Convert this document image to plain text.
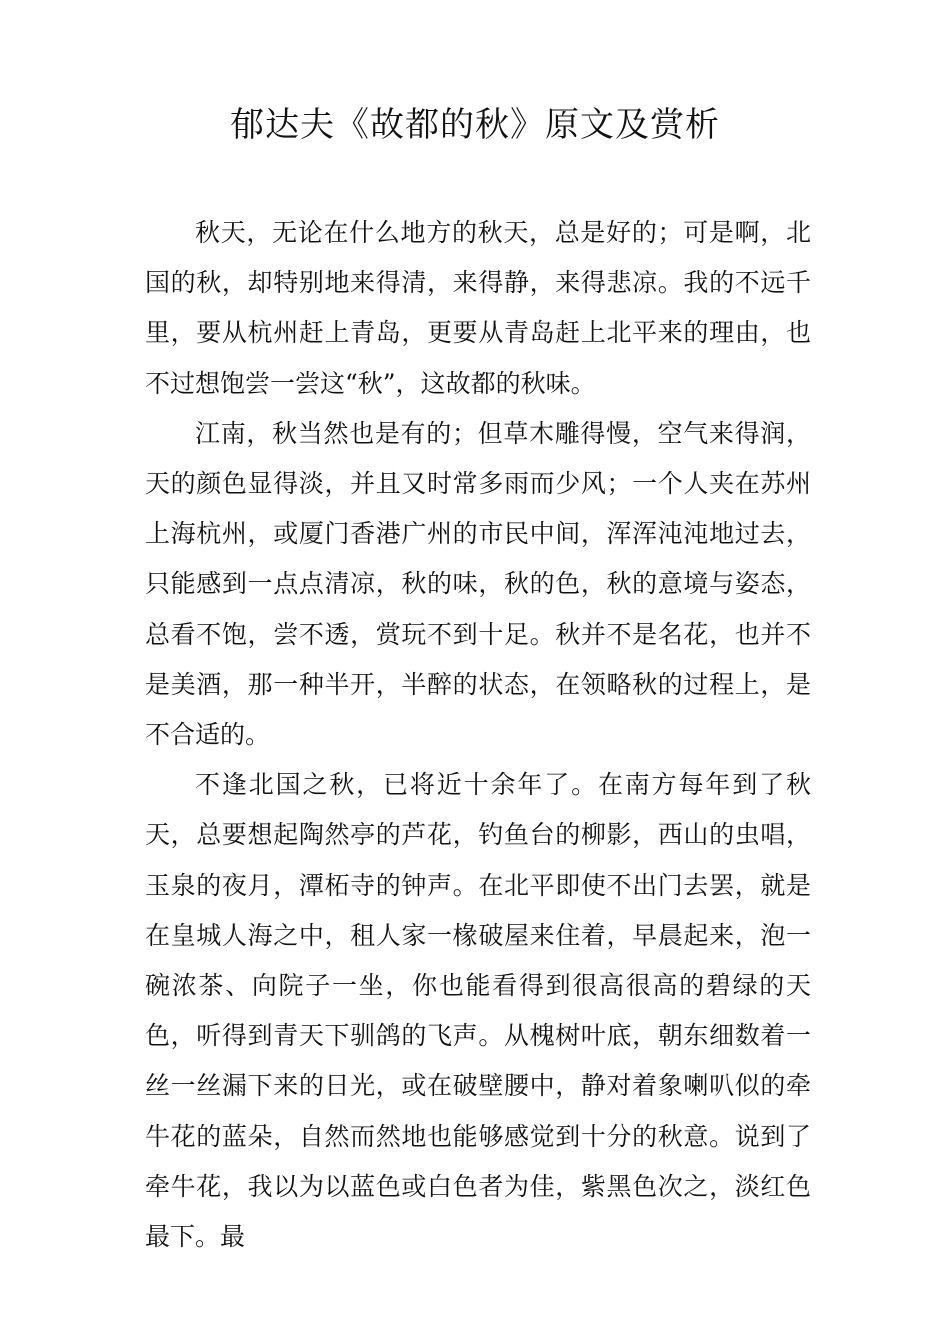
郁达夫《故都的秋》原文及赏析

秋天，无论在什么地方的秋天，总是好的；可是啊，北国的秋，却特别地来得清，来得静，来得悲凉。我的不远千里，要从杭州赶上青岛，更要从青岛赶上北平来的理由，也不过想饱尝一尝这“秋”，这故都的秋味。

江南，秋当然也是有的；但草木雕得慢，空气来得润，天的颜色显得淡，并且又时常多雨而少风；一个人夹在苏州上海杭州，或厦门香港广州的市民中间，浑浑沌沌地过去，只能感到一点点清凉，秋的味，秋的色，秋的意境与姿态，总看不饱，尝不透，赏玩不到十足。秋并不是名花，也并不是美酒，那一种半开，半醉的状态，在领略秋的过程上，是不合适的。

不逢北国之秋，已将近十余年了。在南方每年到了秋天，总要想起陶然亭的芦花，钓鱼台的柳影，西山的虫唱，玉泉的夜月，潭柘寺的钟声。在北平即使不出门去罢，就是在皇城人海之中，租人家一椽破屋来住着，早晨起来，泡一碗浓茶、向院子一坐，你也能看得到很高很高的碧绿的天色，听得到青天下驯鸽的飞声。从槐树叶底，朝东细数着一丝一丝漏下来的日光，或在破壁腰中，静对着象喇叭似的牵牛花的蓝朵，自然而然地也能够感觉到十分的秋意。说到了牵牛花，我以为以蓝色或白色者为佳，紫黑色次之，淡红色最下。最
